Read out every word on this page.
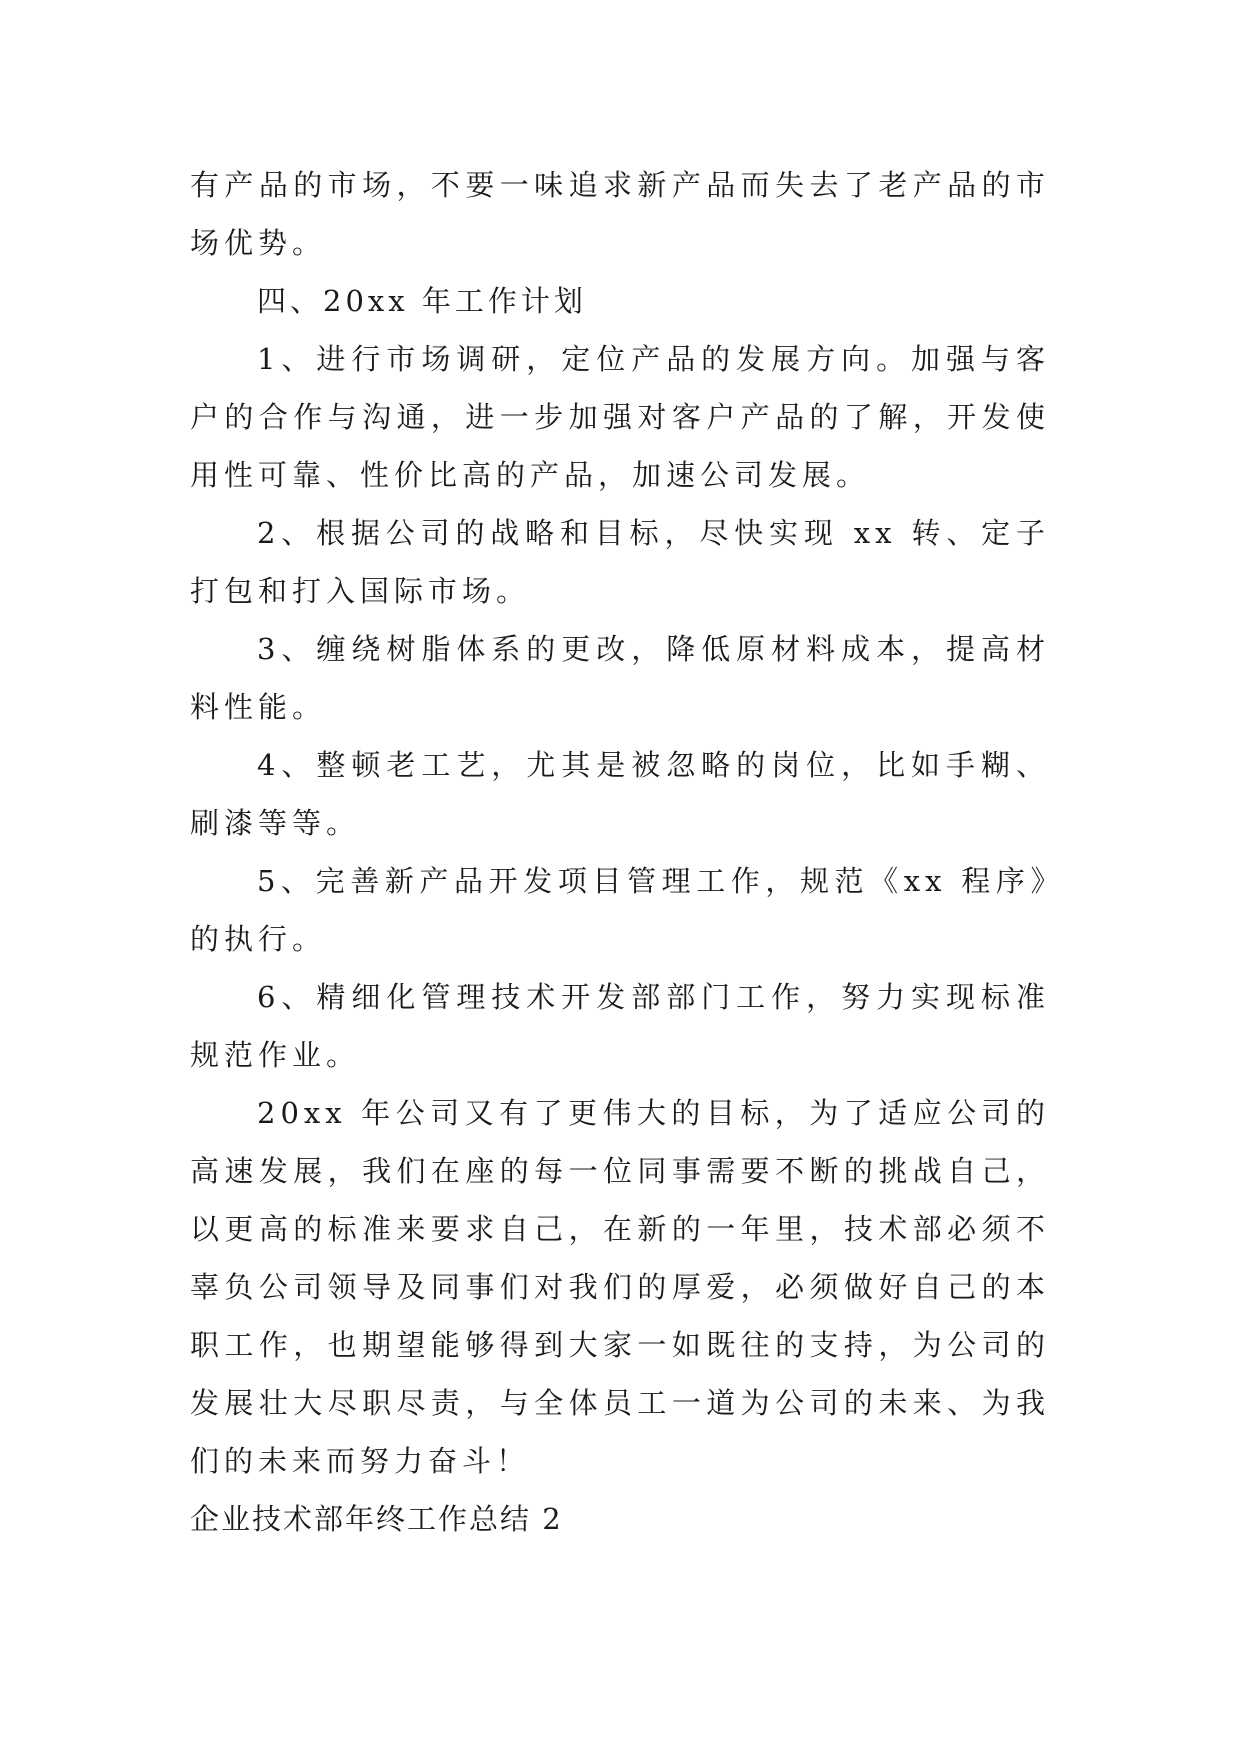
有产品的市场，不要一味追求新产品而失去了老产品的市场优势。

四、20xx 年工作计划

1、进行市场调研，定位产品的发展方向。加强与客户的合作与沟通，进一步加强对客户产品的了解，开发使用性可靠、性价比高的产品，加速公司发展。

2、根据公司的战略和目标，尽快实现 xx 转、定子打包和打入国际市场。

3、缠绕树脂体系的更改，降低原材料成本，提高材料性能。

4、整顿老工艺，尤其是被忽略的岗位，比如手糊、刷漆等等。

5、完善新产品开发项目管理工作，规范《xx 程序》的执行。

6、精细化管理技术开发部部门工作，努力实现标准规范作业。

20xx 年公司又有了更伟大的目标，为了适应公司的高速发展，我们在座的每一位同事需要不断的挑战自己，以更高的标准来要求自己，在新的一年里，技术部必须不辜负公司领导及同事们对我们的厚爱，必须做好自己的本职工作，也期望能够得到大家一如既往的支持，为公司的发展壮大尽职尽责，与全体员工一道为公司的未来、为我们的未来而努力奋斗！

企业技术部年终工作总结 2
